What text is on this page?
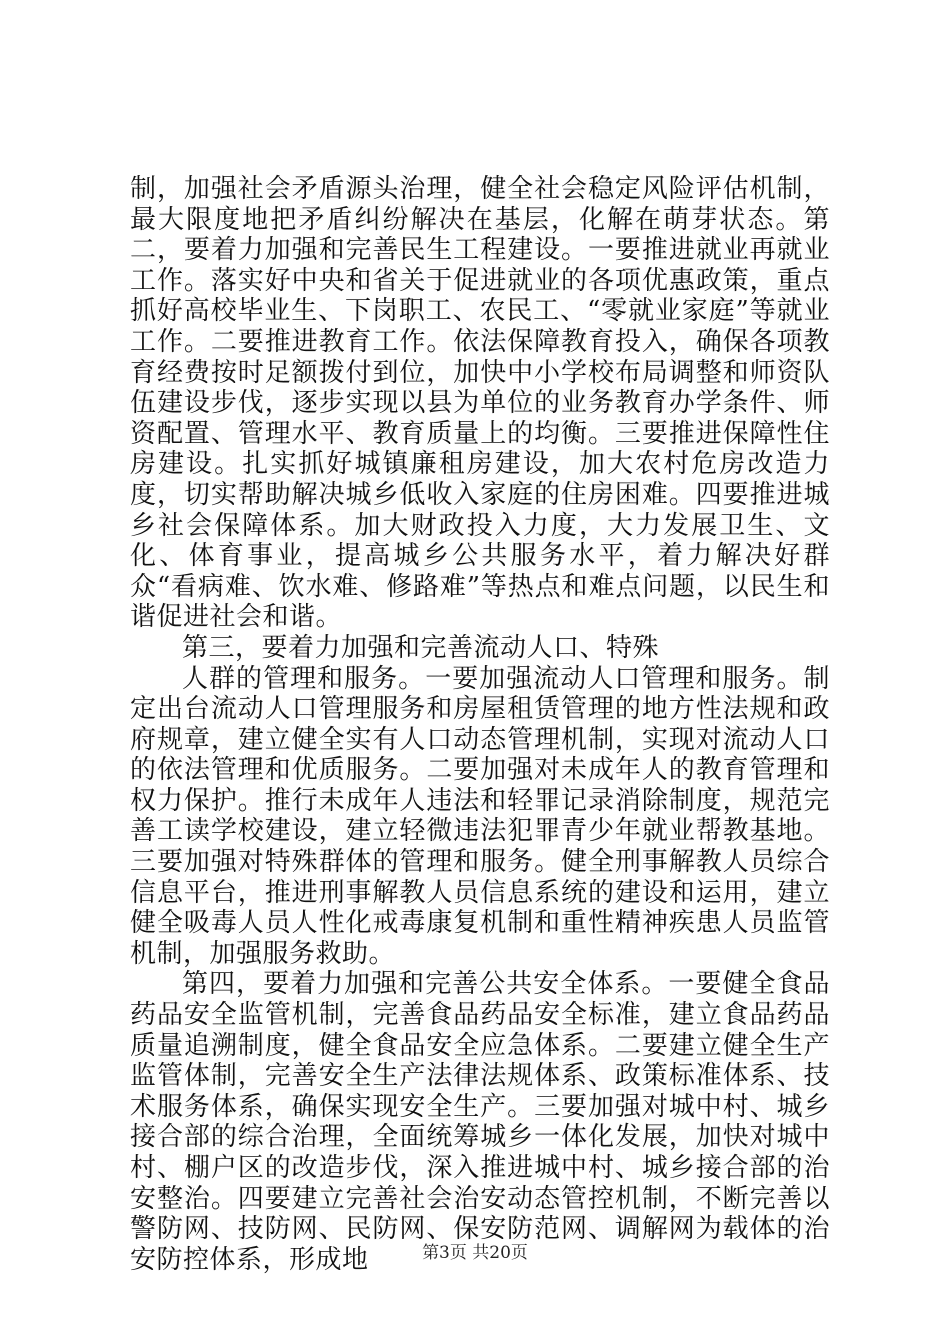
制，加强社会矛盾源头治理，健全社会稳定风险评估机制，最大限度地把矛盾纠纷解决在基层，化解在萌芽状态。第二，要着力加强和完善民生工程建设。一要推进就业再就业工作。落实好中央和省关于促进就业的各项优惠政策，重点抓好高校毕业生、下岗职工、农民工、“零就业家庭”等就业工作。二要推进教育工作。依法保障教育投入，确保各项教育经费按时足额拨付到位，加快中小学校布局调整和师资队伍建设步伐，逐步实现以县为单位的业务教育办学条件、师资配置、管理水平、教育质量上的均衡。三要推进保障性住房建设。扎实抓好城镇廉租房建设，加大农村危房改造力度，切实帮助解决城乡低收入家庭的住房困难。四要推进城乡社会保障体系。加大财政投入力度，大力发展卫生、文化、体育事业，提高城乡公共服务水平，着力解决好群众“看病难、饮水难、修路难”等热点和难点问题，以民生和谐促进社会和谐。

第三，要着力加强和完善流动人口、特殊

人群的管理和服务。一要加强流动人口管理和服务。制定出台流动人口管理服务和房屋租赁管理的地方性法规和政府规章，建立健全实有人口动态管理机制，实现对流动人口的依法管理和优质服务。二要加强对未成年人的教育管理和权力保护。推行未成年人违法和轻罪记录消除制度，规范完善工读学校建设，建立轻微违法犯罪青少年就业帮教基地。三要加强对特殊群体的管理和服务。健全刑事解教人员综合信息平台，推进刑事解教人员信息系统的建设和运用，建立健全吸毒人员人性化戒毒康复机制和重性精神疾患人员监管机制，加强服务救助。

第四，要着力加强和完善公共安全体系。一要健全食品药品安全监管机制，完善食品药品安全标准，建立食品药品质量追溯制度，健全食品安全应急体系。二要建立健全生产监管体制，完善安全生产法律法规体系、政策标准体系、技术服务体系，确保实现安全生产。三要加强对城中村、城乡接合部的综合治理，全面统筹城乡一体化发展，加快对城中村、棚户区的改造步伐，深入推进城中村、城乡接合部的治安整治。四要建立完善社会治安动态管控机制，不断完善以警防网、技防网、民防网、保安防范网、调解网为载体的治安防控体系，形成地	第3页 共20页
